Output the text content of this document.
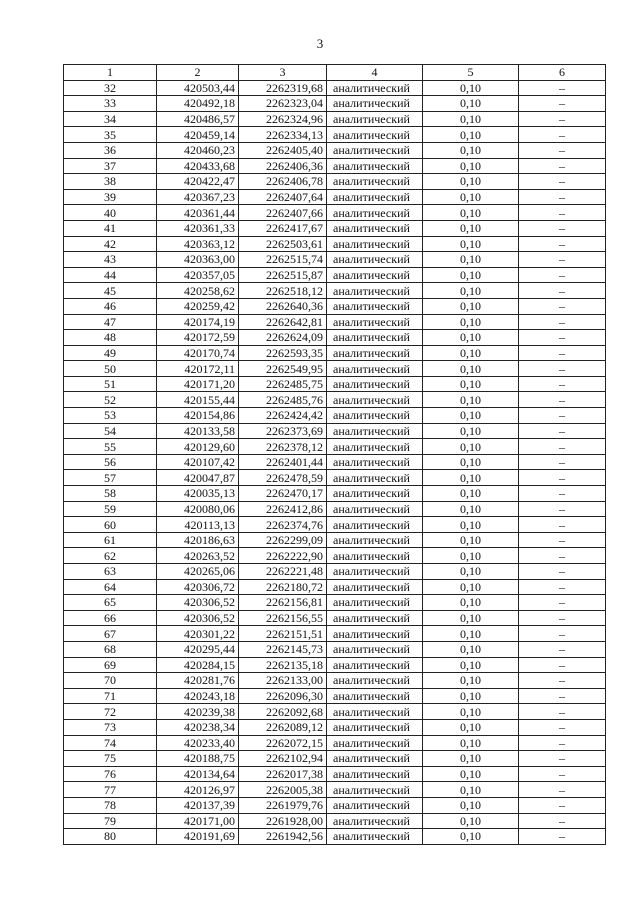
3
1	2	3	4	5	6
32	420503,44	2262319,68	аналитический	0,10	–
33	420492,18	2262323,04	аналитический	0,10	–
34	420486,57	2262324,96	аналитический	0,10	–
35	420459,14	2262334,13	аналитический	0,10	–
36	420460,23	2262405,40	аналитический	0,10	–
37	420433,68	2262406,36	аналитический	0,10	–
38	420422,47	2262406,78	аналитический	0,10	–
39	420367,23	2262407,64	аналитический	0,10	–
40	420361,44	2262407,66	аналитический	0,10	–
41	420361,33	2262417,67	аналитический	0,10	–
42	420363,12	2262503,61	аналитический	0,10	–
43	420363,00	2262515,74	аналитический	0,10	–
44	420357,05	2262515,87	аналитический	0,10	–
45	420258,62	2262518,12	аналитический	0,10	–
46	420259,42	2262640,36	аналитический	0,10	–
47	420174,19	2262642,81	аналитический	0,10	–
48	420172,59	2262624,09	аналитический	0,10	–
49	420170,74	2262593,35	аналитический	0,10	–
50	420172,11	2262549,95	аналитический	0,10	–
51	420171,20	2262485,75	аналитический	0,10	–
52	420155,44	2262485,76	аналитический	0,10	–
53	420154,86	2262424,42	аналитический	0,10	–
54	420133,58	2262373,69	аналитический	0,10	–
55	420129,60	2262378,12	аналитический	0,10	–
56	420107,42	2262401,44	аналитический	0,10	–
57	420047,87	2262478,59	аналитический	0,10	–
58	420035,13	2262470,17	аналитический	0,10	–
59	420080,06	2262412,86	аналитический	0,10	–
60	420113,13	2262374,76	аналитический	0,10	–
61	420186,63	2262299,09	аналитический	0,10	–
62	420263,52	2262222,90	аналитический	0,10	–
63	420265,06	2262221,48	аналитический	0,10	–
64	420306,72	2262180,72	аналитический	0,10	–
65	420306,52	2262156,81	аналитический	0,10	–
66	420306,52	2262156,55	аналитический	0,10	–
67	420301,22	2262151,51	аналитический	0,10	–
68	420295,44	2262145,73	аналитический	0,10	–
69	420284,15	2262135,18	аналитический	0,10	–
70	420281,76	2262133,00	аналитический	0,10	–
71	420243,18	2262096,30	аналитический	0,10	–
72	420239,38	2262092,68	аналитический	0,10	–
73	420238,34	2262089,12	аналитический	0,10	–
74	420233,40	2262072,15	аналитический	0,10	–
75	420188,75	2262102,94	аналитический	0,10	–
76	420134,64	2262017,38	аналитический	0,10	–
77	420126,97	2262005,38	аналитический	0,10	–
78	420137,39	2261979,76	аналитический	0,10	–
79	420171,00	2261928,00	аналитический	0,10	–
80	420191,69	2261942,56	аналитический	0,10	–
